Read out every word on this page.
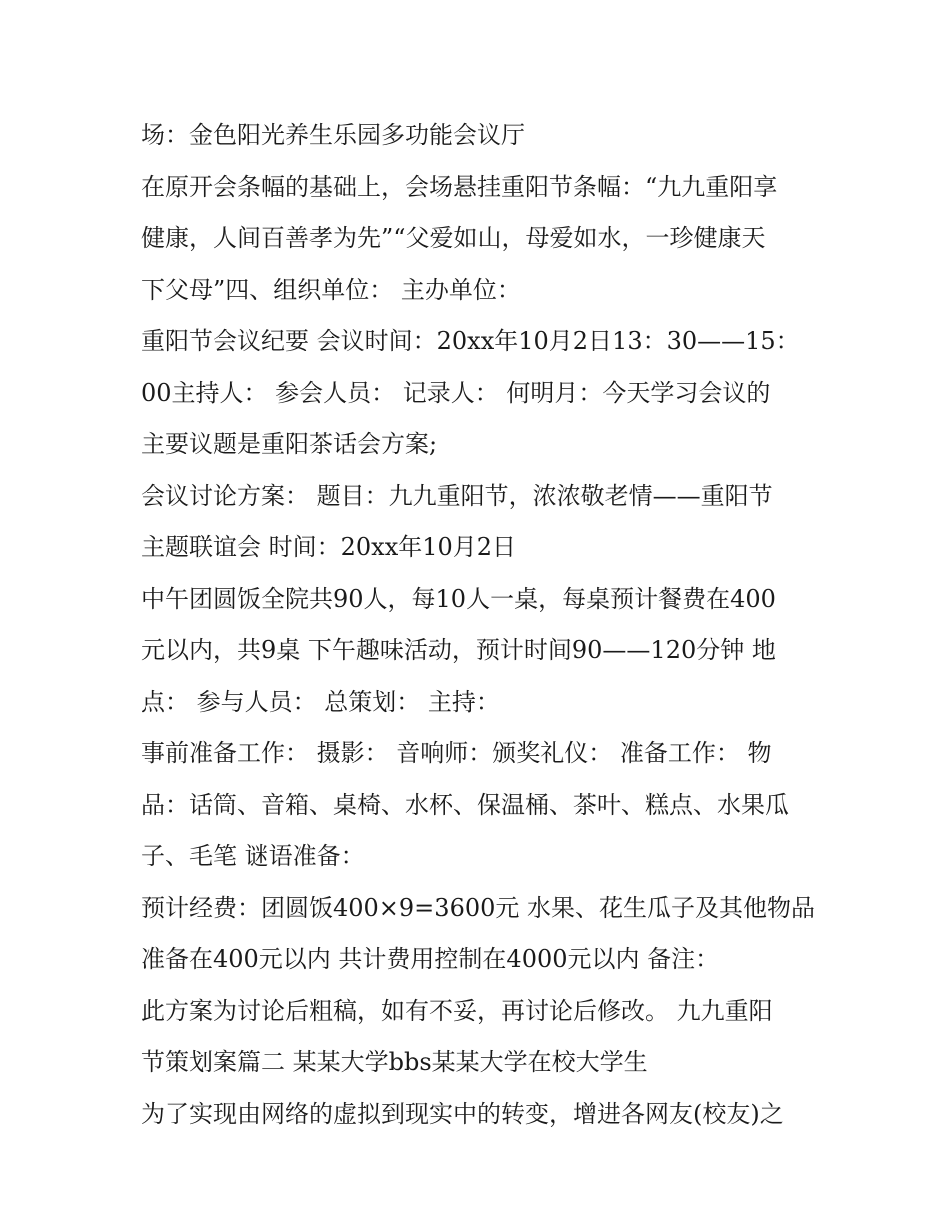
场：金色阳光养生乐园多功能会议厅
在原开会条幅的基础上，会场悬挂重阳节条幅：“九九重阳享
健康，人间百善孝为先”“父爱如山，母爱如水，一珍健康天
下父母”四、组织单位： 主办单位：
重阳节会议纪要 会议时间：20xx年10月2日13：30——15：
00主持人： 参会人员： 记录人： 何明月：今天学习会议的
主要议题是重阳茶话会方案;
会议讨论方案： 题目：九九重阳节，浓浓敬老情——重阳节
主题联谊会 时间：20xx年10月2日
中午团圆饭全院共90人，每10人一桌，每桌预计餐费在400
元以内，共9桌 下午趣味活动，预计时间90——120分钟 地
点： 参与人员： 总策划： 主持：
事前准备工作： 摄影： 音响师：颁奖礼仪： 准备工作： 物
品：话筒、音箱、桌椅、水杯、保温桶、茶叶、糕点、水果瓜
子、毛笔 谜语准备：
预计经费：团圆饭400×9=3600元 水果、花生瓜子及其他物品
准备在400元以内 共计费用控制在4000元以内 备注：
此方案为讨论后粗稿，如有不妥，再讨论后修改。 九九重阳
节策划案篇二 某某大学bbs某某大学在校大学生
为了实现由网络的虚拟到现实中的转变，增进各网友(校友)之
